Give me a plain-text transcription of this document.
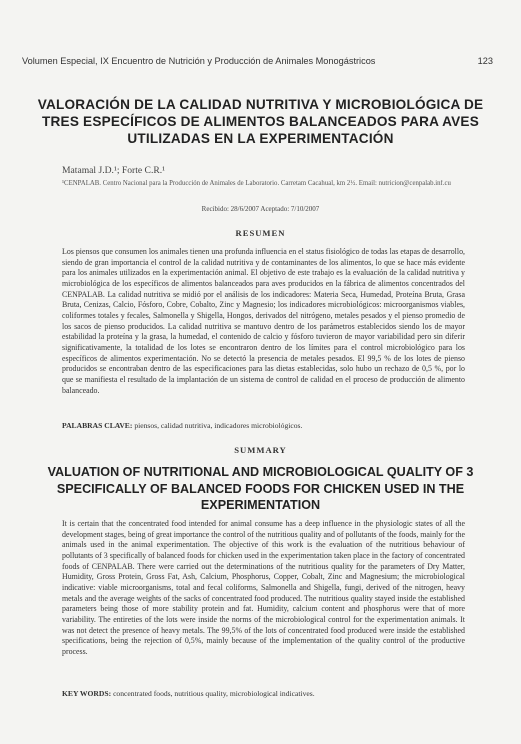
Volumen Especial, IX Encuentro de Nutrición y Producción de Animales Monogástricos	123
VALORACIÓN DE LA CALIDAD NUTRITIVA Y MICROBIOLÓGICA DE TRES ESPECÍFICOS DE ALIMENTOS BALANCEADOS PARA AVES UTILIZADAS EN LA EXPERIMENTACIÓN
Matamal J.D.¹; Forte C.R.¹
¹CENPALAB. Centro Nacional para la Producción de Animales de Laboratorio. Carretam Cacahual, km 2½. Email: nutricion@cenpalab.inf.cu
Recibido: 28/6/2007 Aceptado: 7/10/2007
RESUMEN
Los piensos que consumen los animales tienen una profunda influencia en el status fisiológico de todas las etapas de desarrollo, siendo de gran importancia el control de la calidad nutritiva y de contaminantes de los alimentos, lo que se hace más evidente para los animales utilizados en la experimentación animal. El objetivo de este trabajo es la evaluación de la calidad nutritiva y microbiológica de los específicos de alimentos balanceados para aves producidos en la fábrica de alimentos concentrados del CENPALAB. La calidad nutritiva se midió por el análisis de los indicadores: Materia Seca, Humedad, Proteína Bruta, Grasa Bruta, Cenizas, Calcio, Fósforo, Cobre, Cobalto, Zinc y Magnesio; los indicadores microbiológicos: microorganismos viables, coliformes totales y fecales, Salmonella y Shigella, Hongos, derivados del nitrógeno, metales pesados y el pienso promedio de los sacos de pienso producidos. La calidad nutritiva se mantuvo dentro de los parámetros establecidos siendo los de mayor estabilidad la proteína y la grasa, la humedad, el contenido de calcio y fósforo tuvieron de mayor variabilidad pero sin diferir significativamente, la totalidad de los lotes se encontraron dentro de los límites para el control microbiológico para los específicos de alimentos experimentación. No se detectó la presencia de metales pesados. El 99,5 % de los lotes de pienso producidos se encontraban dentro de las especificaciones para las dietas establecidas, solo hubo un rechazo de 0,5 %, por lo que se manifiesta el resultado de la implantación de un sistema de control de calidad en el proceso de producción de alimento balanceado.
PALABRAS CLAVE: piensos, calidad nutritiva, indicadores microbiológicos.
SUMMARY
VALUATION OF NUTRITIONAL AND MICROBIOLOGICAL QUALITY OF 3 SPECIFICALLY OF BALANCED FOODS FOR CHICKEN USED IN THE EXPERIMENTATION
It is certain that the concentrated food intended for animal consume has a deep influence in the physiologic states of all the development stages, being of great importance the control of the nutritious quality and of pollutants of the foods, mainly for the animals used in the animal experimentation. The objective of this work is the evaluation of the nutritious behaviour of pollutants of 3 specifically of balanced foods for chicken used in the experimentation taken place in the factory of concentrated foods of CENPALAB. There were carried out the determinations of the nutritious quality for the parameters of Dry Matter, Humidity, Gross Protein, Gross Fat, Ash, Calcium, Phosphorus, Copper, Cobalt, Zinc and Magnesium; the microbiological indicative: viable microorganisms, total and fecal coliforms, Salmonella and Shigella, fungi, derived of the nitrogen, heavy metals and the average weights of the sacks of concentrated food produced. The nutritious quality stayed inside the established parameters being those of more stability protein and fat. Humidity, calcium content and phosphorus were that of more variability. The entireties of the lots were inside the norms of the microbiological control for the experimentation animals. It was not detect the presence of heavy metals. The 99,5% of the lots of concentrated food produced were inside the established specifications, being the rejection of 0,5%, mainly because of the implementation of the quality control of the productive process.
KEY WORDS: concentrated foods, nutritious quality, microbiological indicatives.
